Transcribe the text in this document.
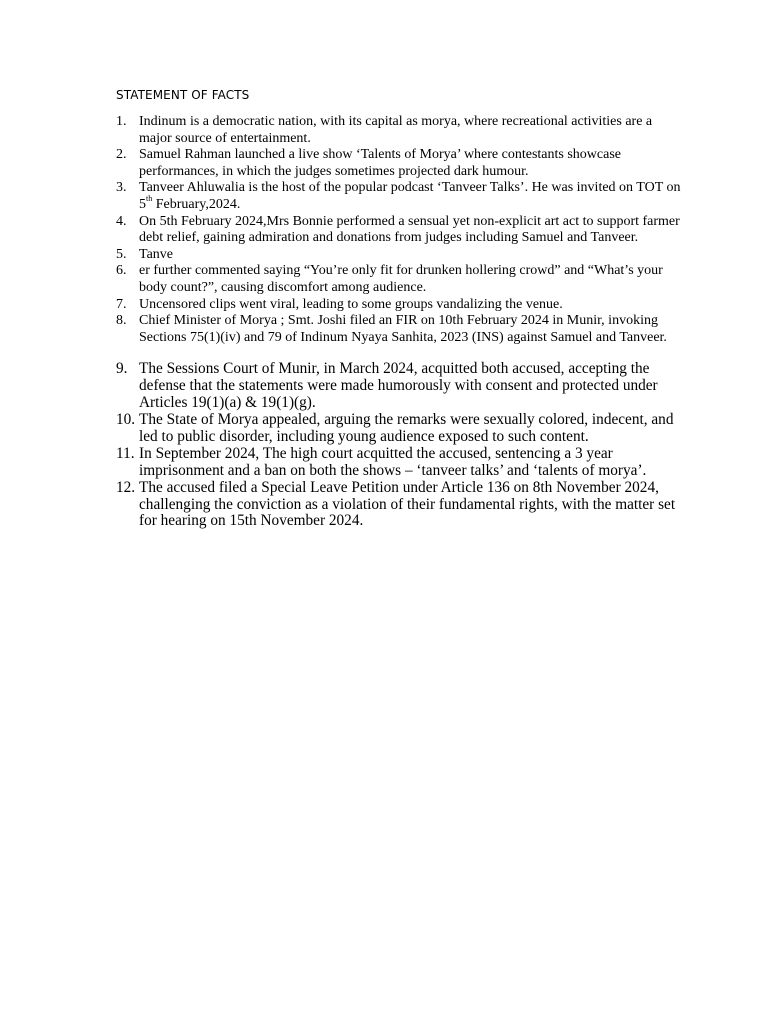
STATEMENT OF FACTS
1. Indinum is a democratic nation, with its capital as morya, where recreational activities are a major source of entertainment.
2. Samuel Rahman launched a live show ‘Talents of Morya’ where contestants showcase performances, in which the judges sometimes projected dark humour.
3. Tanveer Ahluwalia is the host of the popular podcast ‘Tanveer Talks’. He was invited on TOT on 5th February,2024.
4. On 5th February 2024,Mrs Bonnie performed a sensual yet non-explicit art act to support farmer debt relief, gaining admiration and donations from judges including Samuel and Tanveer.
5. Tanve
6. er further commented saying “You’re only fit for drunken hollering crowd” and “What’s your body count?”, causing discomfort among audience.
7. Uncensored clips went viral, leading to some groups vandalizing the venue.
8. Chief Minister of Morya ; Smt. Joshi filed an FIR on 10th February 2024 in Munir, invoking Sections 75(1)(iv) and 79 of Indinum Nyaya Sanhita, 2023 (INS) against Samuel and Tanveer.
9. The Sessions Court of Munir, in March 2024, acquitted both accused, accepting the defense that the statements were made humorously with consent and protected under Articles 19(1)(a) & 19(1)(g).
10. The State of Morya appealed, arguing the remarks were sexually colored, indecent, and led to public disorder, including young audience exposed to such content.
11. In September 2024, The high court acquitted the accused, sentencing a 3 year imprisonment and a ban on both the shows – ‘tanveer talks’ and ‘talents of morya’.
12. The accused filed a Special Leave Petition under Article 136 on 8th November 2024, challenging the conviction as a violation of their fundamental rights, with the matter set for hearing on 15th November 2024.
